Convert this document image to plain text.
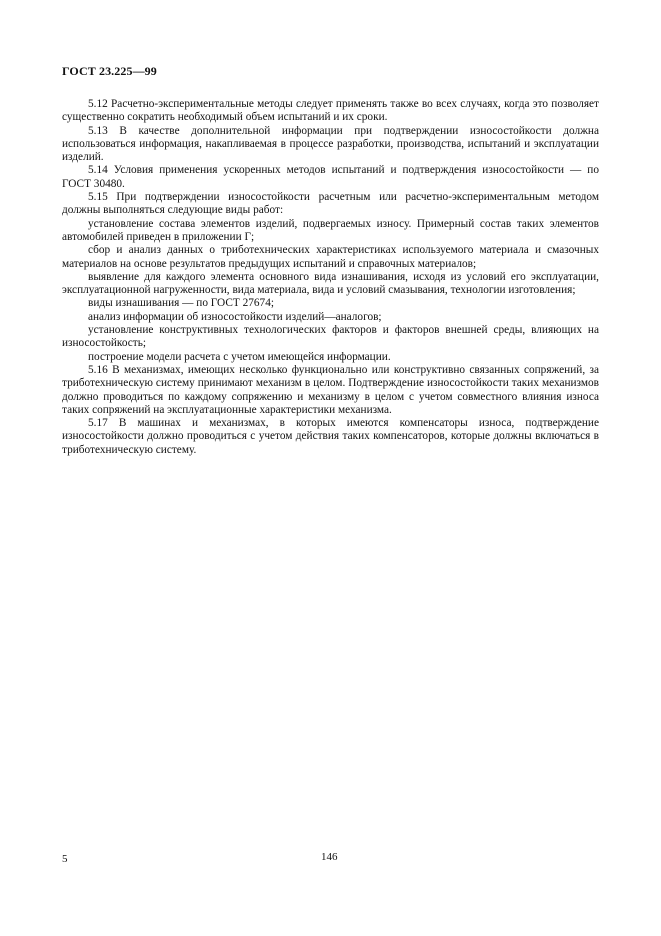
ГОСТ 23.225—99

5.12 Расчетно-экспериментальные методы следует применять также во всех случаях, когда это позволяет существенно сократить необходимый объем испытаний и их сроки.

5.13 В качестве дополнительной информации при подтверждении износостойкости должна использоваться информация, накапливаемая в процессе разработки, производства, испытаний и эксплуатации изделий.

5.14 Условия применения ускоренных методов испытаний и подтверждения износостойкости — по ГОСТ 30480.

5.15 При подтверждении износостойкости расчетным или расчетно-экспериментальным методом должны выполняться следующие виды работ:

установление состава элементов изделий, подвергаемых износу. Примерный состав таких элементов автомобилей приведен в приложении Г;

сбор и анализ данных о триботехнических характеристиках используемого материала и смазочных материалов на основе результатов предыдущих испытаний и справочных материалов;

выявление для каждого элемента основного вида изнашивания, исходя из условий его эксплуатации, эксплуатационной нагруженности, вида материала, вида и условий смазывания, технологии изготовления;

виды изнашивания — по ГОСТ 27674;

анализ информации об износостойкости изделий—аналогов;

установление конструктивных технологических факторов и факторов внешней среды, влияющих на износостойкость;

построение модели расчета с учетом имеющейся информации.

5.16 В механизмах, имеющих несколько функционально или конструктивно связанных сопряжений, за триботехническую систему принимают механизм в целом. Подтверждение износостойкости таких механизмов должно проводиться по каждому сопряжению и механизму в целом с учетом совместного влияния износа таких сопряжений на эксплуатационные характеристики механизма.

5.17 В машинах и механизмах, в которых имеются компенсаторы износа, подтверждение износостойкости должно проводиться с учетом действия таких компенсаторов, которые должны включаться в триботехническую систему.

5	146
